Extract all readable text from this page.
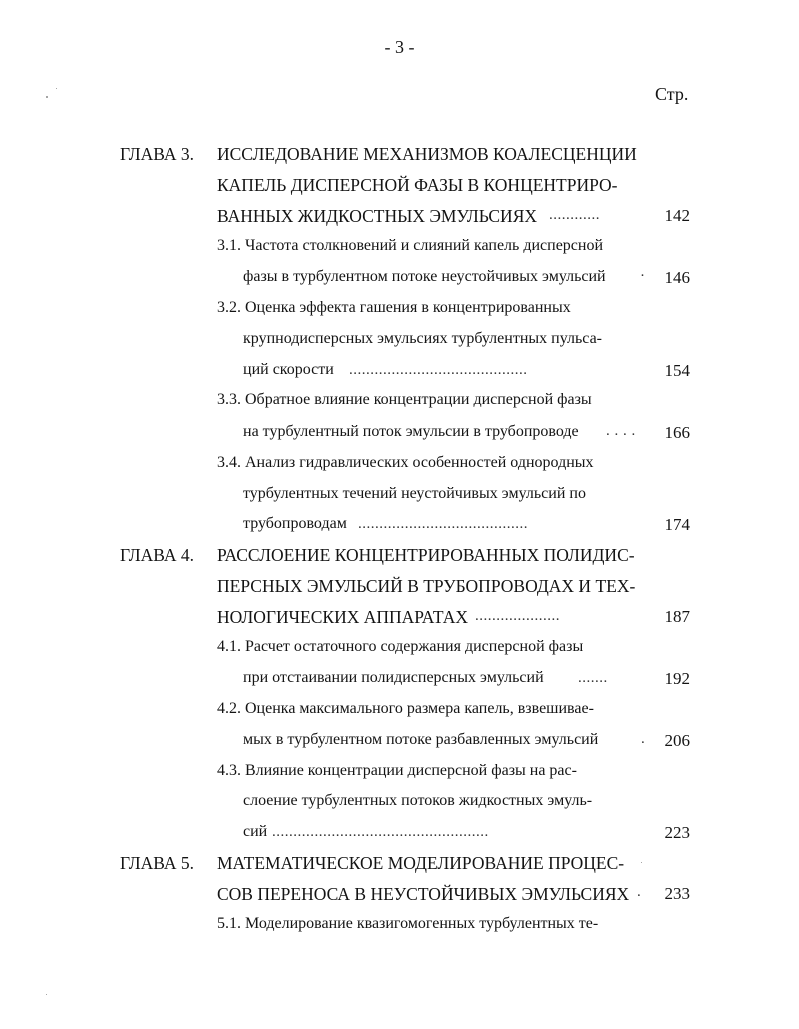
- 3 -
Стр.
ГЛАВА 3. ИССЛЕДОВАНИЕ МЕХАНИЗМОВ КОАЛЕСЦЕНЦИИ
КАПЕЛЬ ДИСПЕРСНОЙ ФАЗЫ В КОНЦЕНТРИРО-
ВАННЫХ ЖИДКОСТНЫХ ЭМУЛЬСИЯХ ............	142
3.1. Частота столкновений и слияний капель дисперсной
фазы в турбулентном потоке неустойчивых эмульсий ·	146
3.2. Оценка эффекта гашения в концентрированных
крупнодисперсных эмульсиях турбулентных пульса-
ций скорости ..........................................	154
3.3. Обратное влияние концентрации дисперсной фазы
на турбулентный поток эмульсии в трубопроводе . . . .	166
3.4. Анализ гидравлических особенностей однородных
турбулентных течений неустойчивых эмульсий по
трубопроводам ........................................	174
ГЛАВА 4. РАССЛОЕНИЕ КОНЦЕНТРИРОВАННЫХ ПОЛИДИС-
ПЕРСНЫХ ЭМУЛЬСИЙ В ТРУБОПРОВОДАХ И ТЕХ-
НОЛОГИЧЕСКИХ АППАРАТАХ ....................	187
4.1. Расчет остаточного содержания дисперсной фазы
при отстаивании полидисперсных эмульсий .......	192
4.2. Оценка максимального размера капель, взвешивае-
мых в турбулентном потоке разбавленных эмульсий	.	206
4.3. Влияние концентрации дисперсной фазы на рас-
слоение турбулентных потоков жидкостных эмуль-
сий ...................................................	223
ГЛАВА 5. МАТЕМАТИЧЕСКОЕ МОДЕЛИРОВАНИЕ ПРОЦЕС-
СОВ ПЕРЕНОСА В НЕУСТОЙЧИВЫХ ЭМУЛЬСИЯХ .	233
5.1. Моделирование квазигомогенных турбулентных те-
